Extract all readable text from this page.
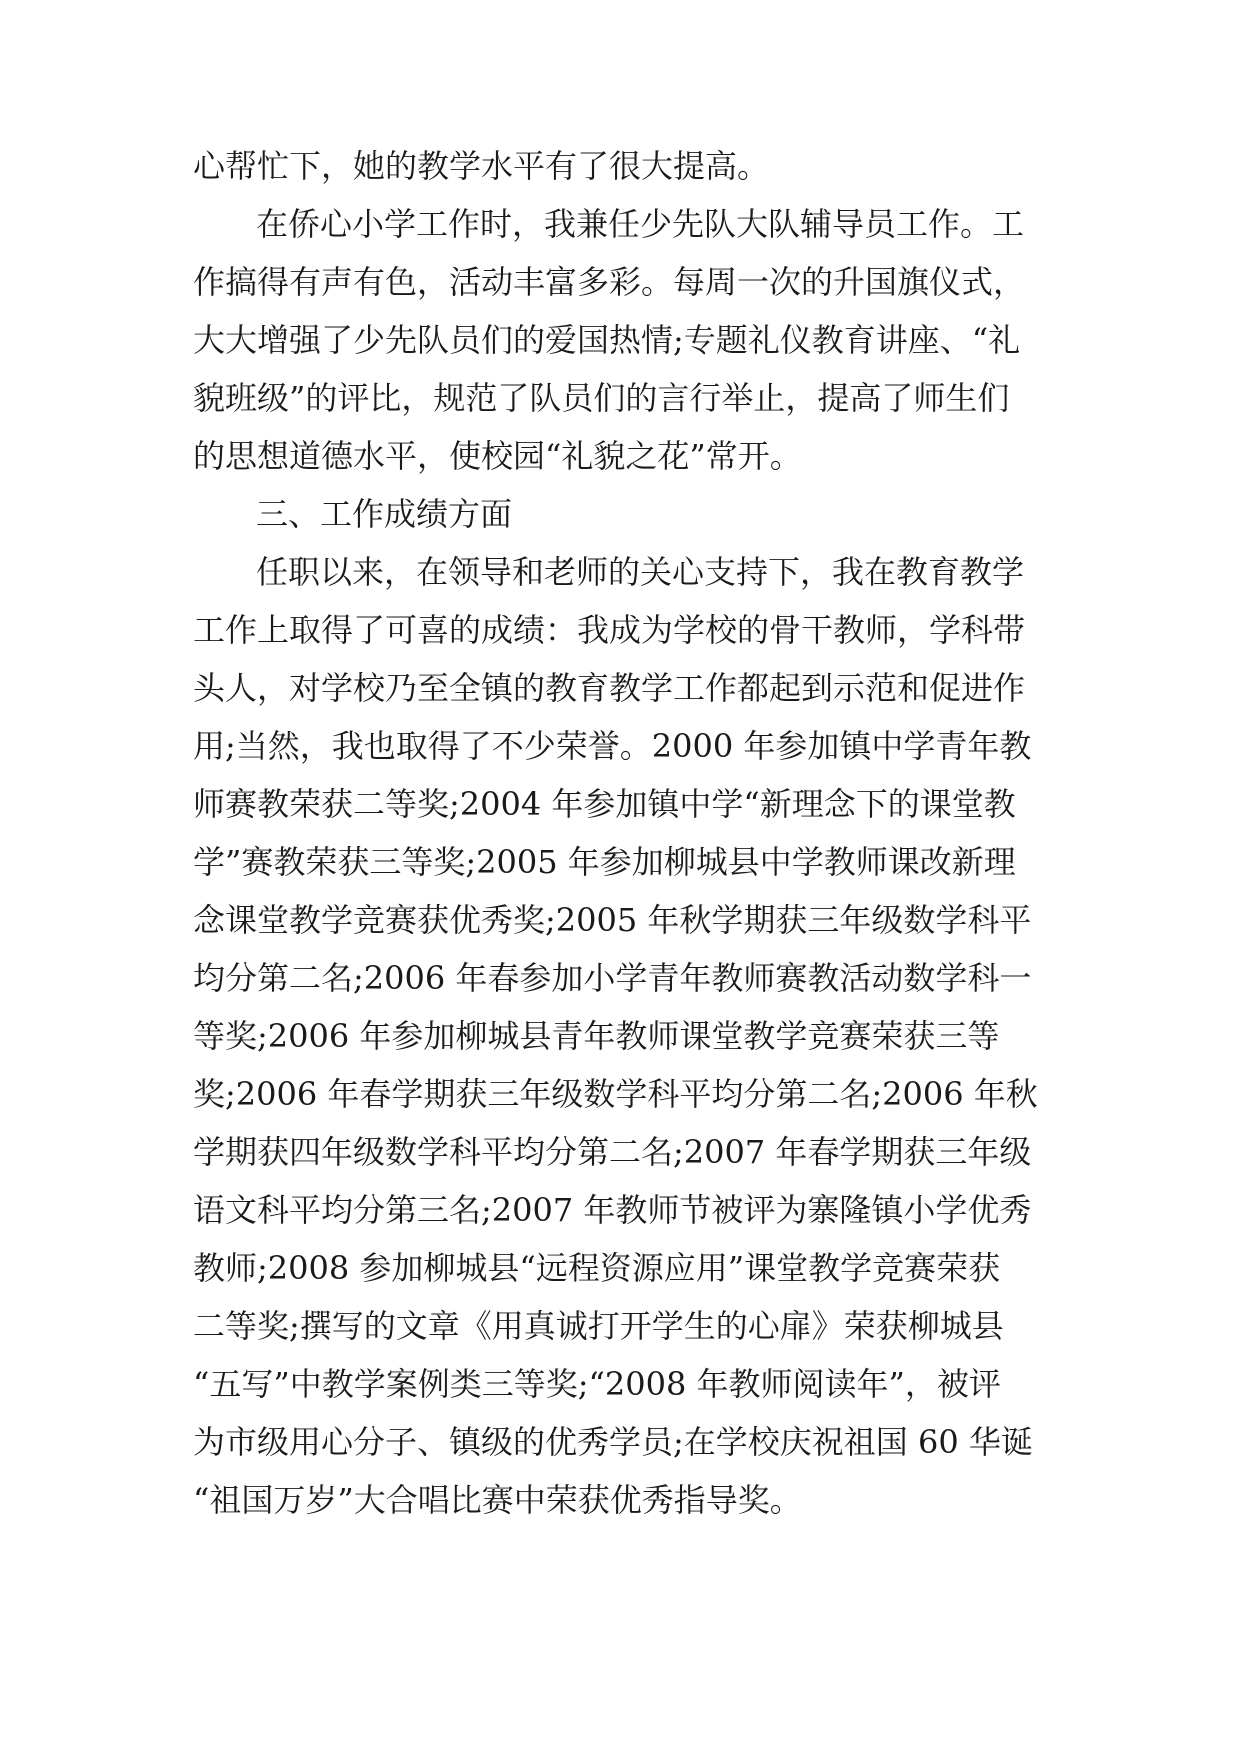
心帮忙下，她的教学水平有了很大提高。
在侨心小学工作时，我兼任少先队大队辅导员工作。工
作搞得有声有色，活动丰富多彩。每周一次的升国旗仪式，
大大增强了少先队员们的爱国热情;专题礼仪教育讲座、“礼
貌班级”的评比，规范了队员们的言行举止，提高了师生们
的思想道德水平，使校园“礼貌之花”常开。
三、工作成绩方面
任职以来，在领导和老师的关心支持下，我在教育教学
工作上取得了可喜的成绩：我成为学校的骨干教师，学科带
头人，对学校乃至全镇的教育教学工作都起到示范和促进作
用;当然，我也取得了不少荣誉。2000 年参加镇中学青年教
师赛教荣获二等奖;2004 年参加镇中学“新理念下的课堂教
学”赛教荣获三等奖;2005 年参加柳城县中学教师课改新理
念课堂教学竞赛获优秀奖;2005 年秋学期获三年级数学科平
均分第二名;2006 年春参加小学青年教师赛教活动数学科一
等奖;2006 年参加柳城县青年教师课堂教学竞赛荣获三等
奖;2006 年春学期获三年级数学科平均分第二名;2006 年秋
学期获四年级数学科平均分第二名;2007 年春学期获三年级
语文科平均分第三名;2007 年教师节被评为寨隆镇小学优秀
教师;2008 参加柳城县“远程资源应用”课堂教学竞赛荣获
二等奖;撰写的文章《用真诚打开学生的心扉》荣获柳城县
“五写”中教学案例类三等奖;“2008 年教师阅读年”，被评
为市级用心分子、镇级的优秀学员;在学校庆祝祖国 60 华诞
“祖国万岁”大合唱比赛中荣获优秀指导奖。
